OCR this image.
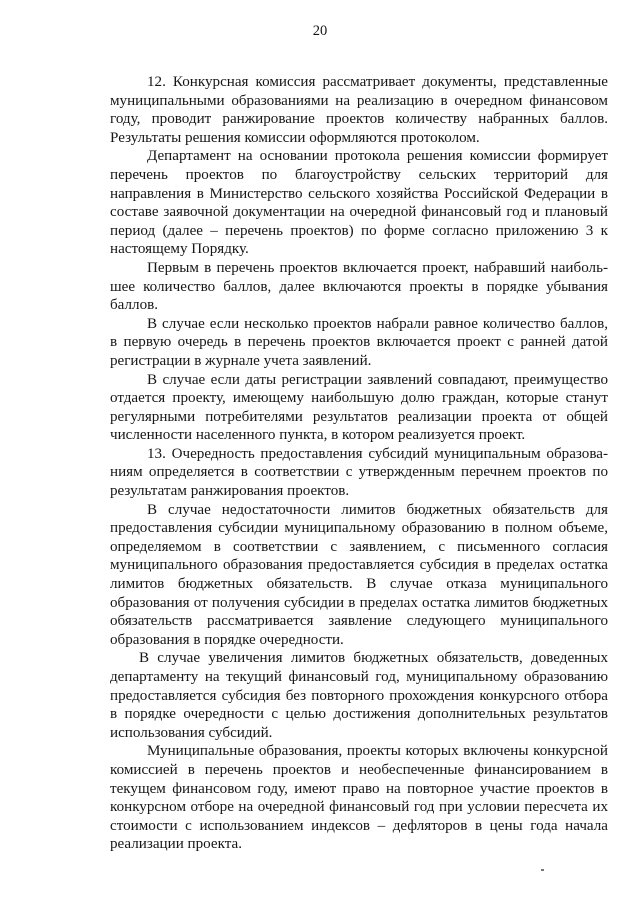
20

12. Конкурсная комиссия рассматривает документы, представленные муниципальными образованиями на реализацию в очередном финансовом году, проводит ранжирование проектов количеству набранных баллов. Результаты решения комиссии оформляются протоколом.

Департамент на основании протокола решения комиссии формирует перечень проектов по благоустройству сельских территорий для направления в Министерство сельского хозяйства Российской Федерации в составе заявочной документации на очередной финансовый год и плановый период (далее – перечень проектов) по форме согласно приложению 3 к настоящему Порядку.

Первым в перечень проектов включается проект, набравший наибольшее количество баллов, далее включаются проекты в порядке убывания баллов.

В случае если несколько проектов набрали равное количество баллов, в первую очередь в перечень проектов включается проект с ранней датой регистрации в журнале учета заявлений.

В случае если даты регистрации заявлений совпадают, преимущество отдается проекту, имеющему наибольшую долю граждан, которые станут регулярными потребителями результатов реализации проекта от общей численности населенного пункта, в котором реализуется проект.

13. Очередность предоставления субсидий муниципальным образованиям определяется в соответствии с утвержденным перечнем проектов по результатам ранжирования проектов.

В случае недостаточности лимитов бюджетных обязательств для предоставления субсидии муниципальному образованию в полном объеме, определяемом в соответствии с заявлением, с письменного согласия муниципального образования предоставляется субсидия в пределах остатка лимитов бюджетных обязательств. В случае отказа муниципального образования от получения субсидии в пределах остатка лимитов бюджетных обязательств рассматривается заявление следующего муниципального образования в порядке очередности.

В случае увеличения лимитов бюджетных обязательств, доведенных департаменту на текущий финансовый год, муниципальному образованию предоставляется субсидия без повторного прохождения конкурсного отбора в порядке очередности с целью достижения дополнительных результатов использования субсидий.

Муниципальные образования, проекты которых включены конкурсной комиссией в перечень проектов и необеспеченные финансированием в текущем финансовом году, имеют право на повторное участие проектов в конкурсном отборе на очередной финансовый год при условии пересчета их стоимости с использованием индексов – дефляторов в цены года начала реализации проекта.
